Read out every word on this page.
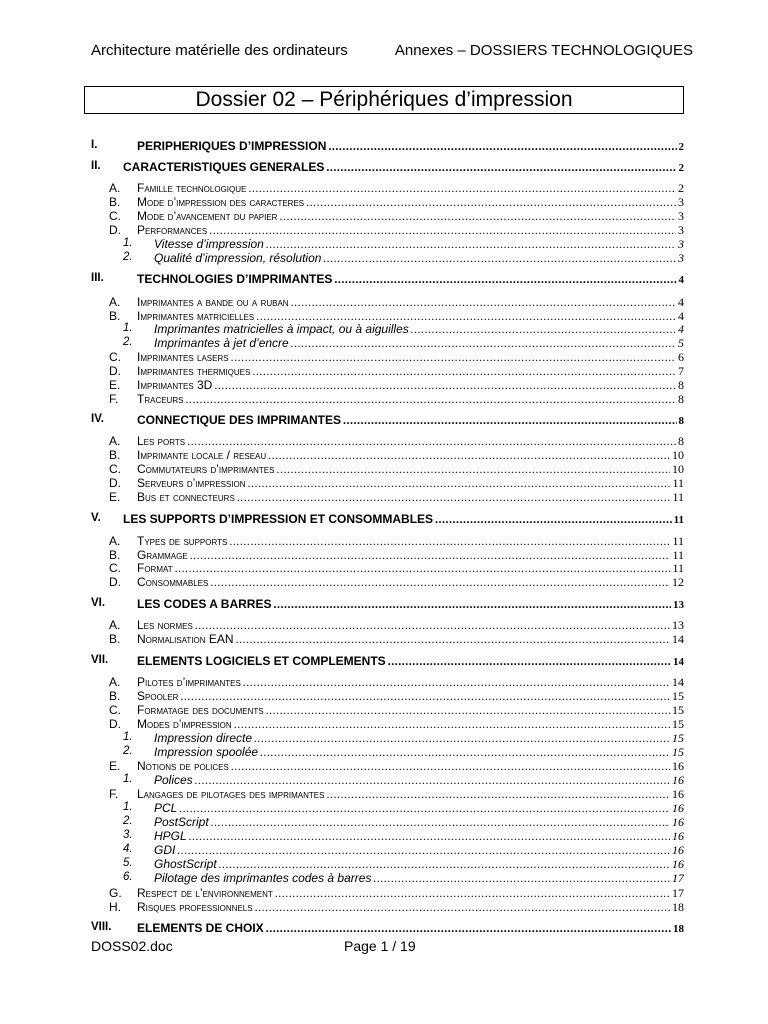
Architecture matérielle des ordinateurs	Annexes – DOSSIERS TECHNOLOGIQUES
Dossier 02 – Périphériques d’impression
I.	PERIPHERIQUES D’IMPRESSION .....	2
II. CARACTERISTIQUES GENERALES .....	2
A. Famille technologique .....	2
B. Mode d’impression des caracteres .....	3
C. Mode d’avancement du papier .....	3
D. Performances .....	3
1. Vitesse d’impression .....	3
2. Qualité d’impression, résolution .....	3
III.	TECHNOLOGIES D’IMPRIMANTES .....	4
A. Imprimantes a bande ou a ruban .....	4
B. Imprimantes matricielles .....	4
1. Imprimantes matricielles à impact, ou à aiguilles .....	4
2. Imprimantes à jet d’encre .....	5
C. Imprimantes lasers .....	6
D. Imprimantes thermiques .....	7
E. Imprimantes 3D .....	8
F. Traceurs .....	8
IV.	CONNECTIQUE DES IMPRIMANTES .....	8
A. Les ports .....	8
B. Imprimante locale / reseau .....	10
C. Commutateurs d’imprimantes .....	10
D. Serveurs d’impression .....	11
E. Bus et connecteurs .....	11
V. LES SUPPORTS D’IMPRESSION ET CONSOMMABLES .....	11
A. Types de supports .....	11
B. Grammage .....	11
C. Format .....	11
D. Consommables .....	12
VI.	LES CODES A BARRES .....	13
A. Les normes .....	13
B. Normalisation EAN .....	14
VII. ELEMENTS LOGICIELS ET COMPLEMENTS .....	14
A. Pilotes d’imprimantes .....	14
B. Spooler .....	15
C. Formatage des documents .....	15
D. Modes d’impression .....	15
1. Impression directe .....	15
2. Impression spoolée .....	15
E. Notions de polices .....	16
1. Polices .....	16
F. Langages de pilotages des imprimantes .....	16
1. PCL .....	16
2. PostScript .....	16
3. HPGL .....	16
4. GDI .....	16
5. GhostScript .....	16
6. Pilotage des imprimantes codes à barres .....	17
G. Respect de l’environnement .....	17
H. Risques professionnels .....	18
VIII. ELEMENTS DE CHOIX .....	18
DOSS02.doc	Page 1 / 19
